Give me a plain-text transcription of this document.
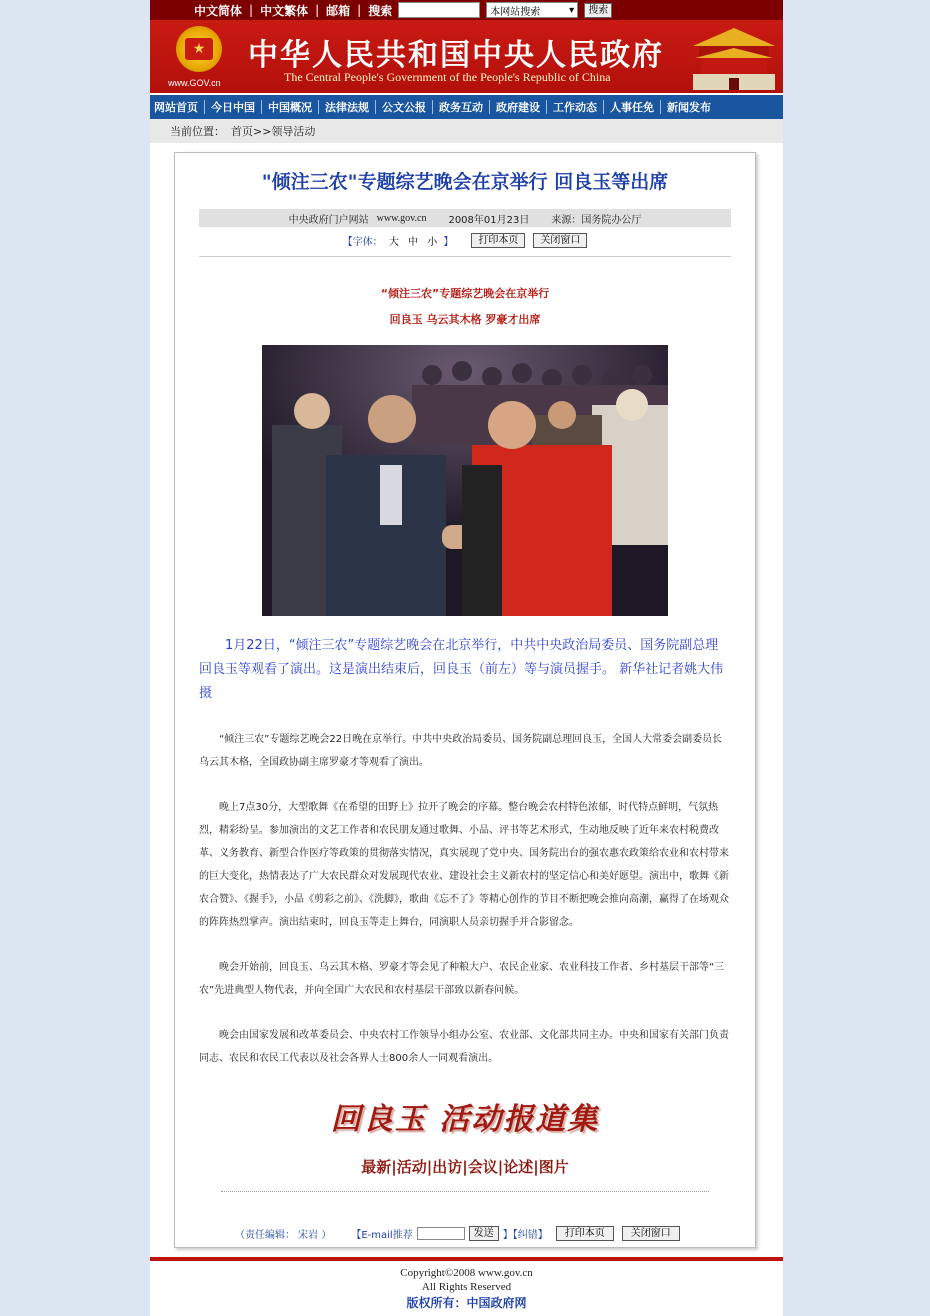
中文简体 | 中文繁体 | 邮箱 | 搜索	本网站搜索	▾	搜索
★
www.GOV.cn
中华人民共和国中央人民政府
The Central People's Government of the People's Republic of China
网站首页 今日中国 中国概况 法律法规 公文公报 政务互动 政府建设 工作动态 人事任免 新闻发布
当前位置： 首页 >> 领导活动
"倾注三农"专题综艺晚会在京举行 回良玉等出席
中央政府门户网站 www.gov.cn 2008年01月23日 来源：国务院办公厅
【字体： 大 中 小 】	打印本页	关闭窗口
“倾注三农”专题综艺晚会在京举行
回良玉 乌云其木格 罗豪才出席
1月22日，“倾注三农”专题综艺晚会在北京举行，中共中央政治局委员、国务院副总理回良玉等观看了演出。这是演出结束后，回良玉（前左）等与演员握手。 新华社记者姚大伟摄

“倾注三农”专题综艺晚会22日晚在京举行。中共中央政治局委员、国务院副总理回良玉，全国人大常委会副委员长乌云其木格，全国政协副主席罗豪才等观看了演出。

晚上7点30分，大型歌舞《在希望的田野上》拉开了晚会的序幕。整台晚会农村特色浓郁，时代特点鲜明，气氛热烈，精彩纷呈。参加演出的文艺工作者和农民朋友通过歌舞、小品、评书等艺术形式，生动地反映了近年来农村税费改革、义务教育、新型合作医疗等政策的贯彻落实情况，真实展现了党中央、国务院出台的强农惠农政策给农业和农村带来的巨大变化，热情表达了广大农民群众对发展现代农业、建设社会主义新农村的坚定信心和美好愿望。演出中，歌舞《新农合赞》、《握手》，小品《剪彩之前》、《洗脚》，歌曲《忘不了》等精心创作的节目不断把晚会推向高潮，赢得了在场观众的阵阵热烈掌声。演出结束时，回良玉等走上舞台，同演职人员亲切握手并合影留念。

晚会开始前，回良玉、乌云其木格、罗豪才等会见了种粮大户、农民企业家、农业科技工作者、乡村基层干部等“三农”先进典型人物代表，并向全国广大农民和农村基层干部致以新春问候。

晚会由国家发展和改革委员会、中央农村工作领导小组办公室、农业部、文化部共同主办。中央和国家有关部门负责同志、农民和农民工代表以及社会各界人士800余人一同观看演出。

回良玉 活动报道集
最新|活动|出访|会议|论述|图片
（责任编辑： 宋岩 ） 【E-mail推荐	发送 】【纠错】	打印本页	关闭窗口
Copyright©2008 www.gov.cn
All Rights Reserved
版权所有：中国政府网
